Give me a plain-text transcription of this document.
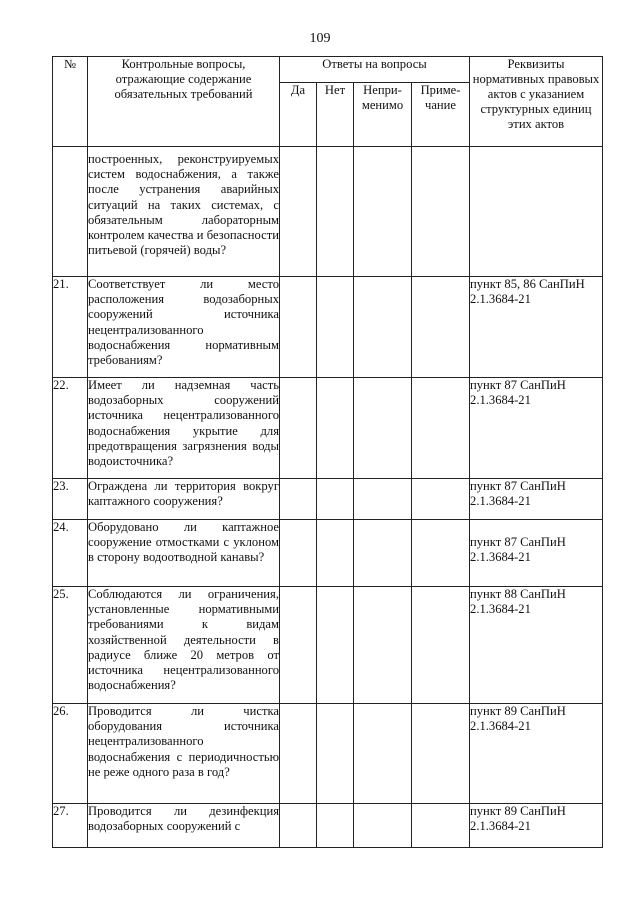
109
№	Контрольные вопросы, отражающие содержание обязательных требований	Ответы на вопросы				Реквизиты нормативных правовых актов с указанием структурных единиц этих актов
		Да	Нет	Непри-менимо	Приме-чание	
	построенных, реконструируемых систем водоснабжения, а также после устранения аварийных ситуаций на таких системах, с обязательным лабораторным контролем качества и безопасности питьевой (горячей) воды?					

21.	Соответствует ли место расположения водозаборных сооружений источника нецентрализованного водоснабжения нормативным требованиям?					пункт 85, 86 СанПиН
2.1.3684-21

22.	Имеет ли надземная часть водозаборных сооружений источника нецентрализованного водоснабжения укрытие для предотвращения загрязнения воды водоисточника?					пункт 87 СанПиН
2.1.3684-21

23.	Ограждена ли территория вокруг каптажного сооружения?					пункт 87 СанПиН
2.1.3684-21

24.	Оборудовано ли каптажное сооружение отмостками с уклоном в сторону водоотводной канавы?					пункт 87 СанПиН
2.1.3684-21

25.	Соблюдаются ли ограничения, установленные нормативными требованиями к видам хозяйственной деятельности в радиусе ближе 20 метров от источника нецентрализованного водоснабжения?					пункт 88 СанПиН
2.1.3684-21

26.	Проводится ли чистка оборудования источника нецентрализованного водоснабжения с периодичностью не реже одного раза в год?					пункт 89 СанПиН
2.1.3684-21

27.	Проводится ли дезинфекция водозаборных сооружений с					пункт 89 СанПиН
2.1.3684-21
